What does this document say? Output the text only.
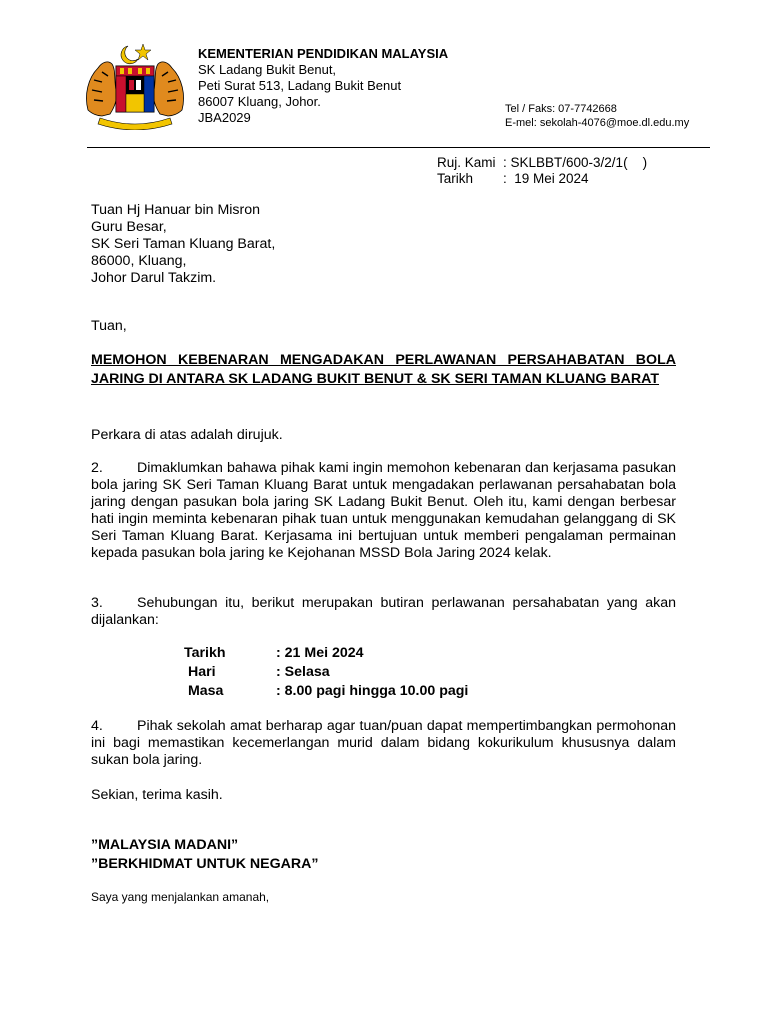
KEMENTERIAN PENDIDIKAN MALAYSIA
SK Ladang Bukit Benut,
Peti Surat 513, Ladang Bukit Benut
86007 Kluang, Johor.
JBA2029
Tel / Faks: 07-7742668
E-mel: sekolah-4076@moe.dl.edu.my
Ruj. Kami : SKLBBT/600-3/2/1(    )
Tarikh	:  19 Mei 2024
Tuan Hj Hanuar bin Misron
Guru Besar,
SK Seri Taman Kluang Barat,
86000, Kluang,
Johor Darul Takzim.
Tuan,
MEMOHON KEBENARAN MENGADAKAN PERLAWANAN PERSAHABATAN BOLA JARING DI ANTARA SK LADANG BUKIT BENUT & SK SERI TAMAN KLUANG BARAT
Perkara di atas adalah dirujuk.
2. Dimaklumkan bahawa pihak kami ingin memohon kebenaran dan kerjasama pasukan bola jaring SK Seri Taman Kluang Barat untuk mengadakan perlawanan persahabatan bola jaring dengan pasukan bola jaring SK Ladang Bukit Benut. Oleh itu, kami dengan berbesar hati ingin meminta kebenaran pihak tuan untuk menggunakan kemudahan gelanggang di SK Seri Taman Kluang Barat. Kerjasama ini bertujuan untuk memberi pengalaman permainan kepada pasukan bola jaring ke Kejohanan MSSD Bola Jaring 2024 kelak.
3. Sehubungan itu, berikut merupakan butiran perlawanan persahabatan yang akan dijalankan:
Tarikh	: 21 Mei 2024
Hari	: Selasa
Masa	: 8.00 pagi hingga 10.00 pagi
4. Pihak sekolah amat berharap agar tuan/puan dapat mempertimbangkan permohonan ini bagi memastikan kecemerlangan murid dalam bidang kokurikulum khususnya dalam sukan bola jaring.
Sekian, terima kasih.
”MALAYSIA MADANI”
”BERKHIDMAT UNTUK NEGARA”
Saya yang menjalankan amanah,
